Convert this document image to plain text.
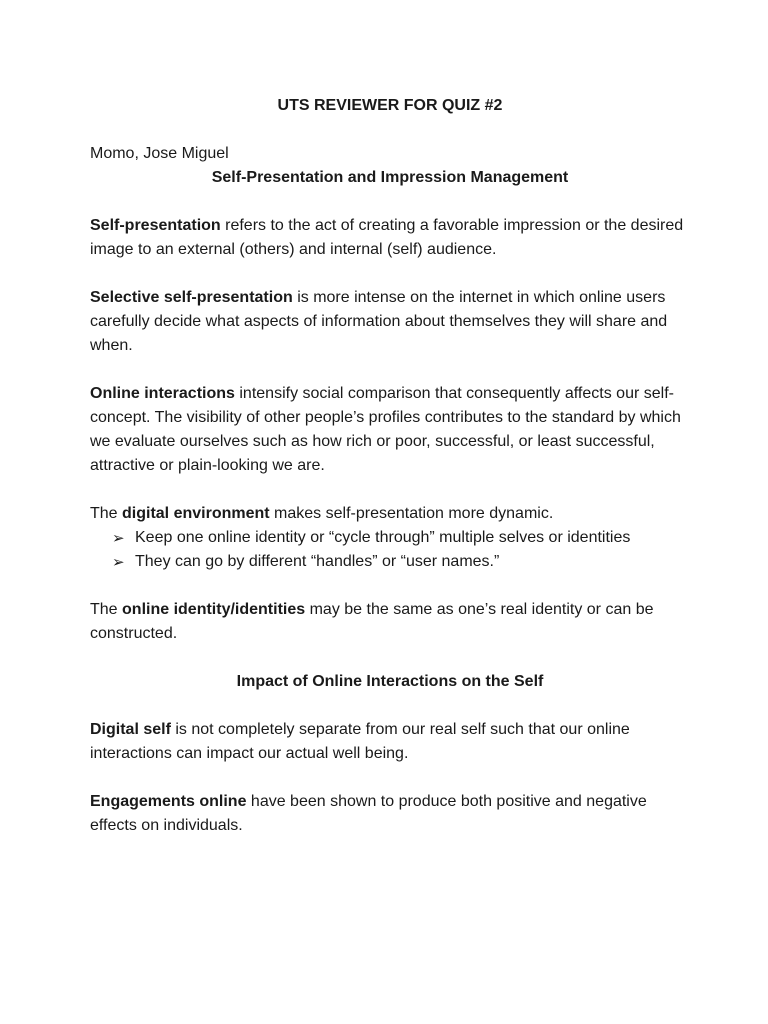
UTS REVIEWER FOR QUIZ #2

Momo, Jose Miguel

Self-Presentation and Impression Management

Self-presentation refers to the act of creating a favorable impression or the desired image to an external (others) and internal (self) audience.

Selective self-presentation is more intense on the internet in which online users carefully decide what aspects of information about themselves they will share and when.

Online interactions intensify social comparison that consequently affects our self-concept. The visibility of other people’s profiles contributes to the standard by which we evaluate ourselves such as how rich or poor, successful, or least successful, attractive or plain-looking we are.

The digital environment makes self-presentation more dynamic.

➢ Keep one online identity or “cycle through” multiple selves or identities
➢ They can go by different “handles” or “user names.”

The online identity/identities may be the same as one’s real identity or can be constructed.

Impact of Online Interactions on the Self

Digital self is not completely separate from our real self such that our online interactions can impact our actual well being.

Engagements online have been shown to produce both positive and negative effects on individuals.
